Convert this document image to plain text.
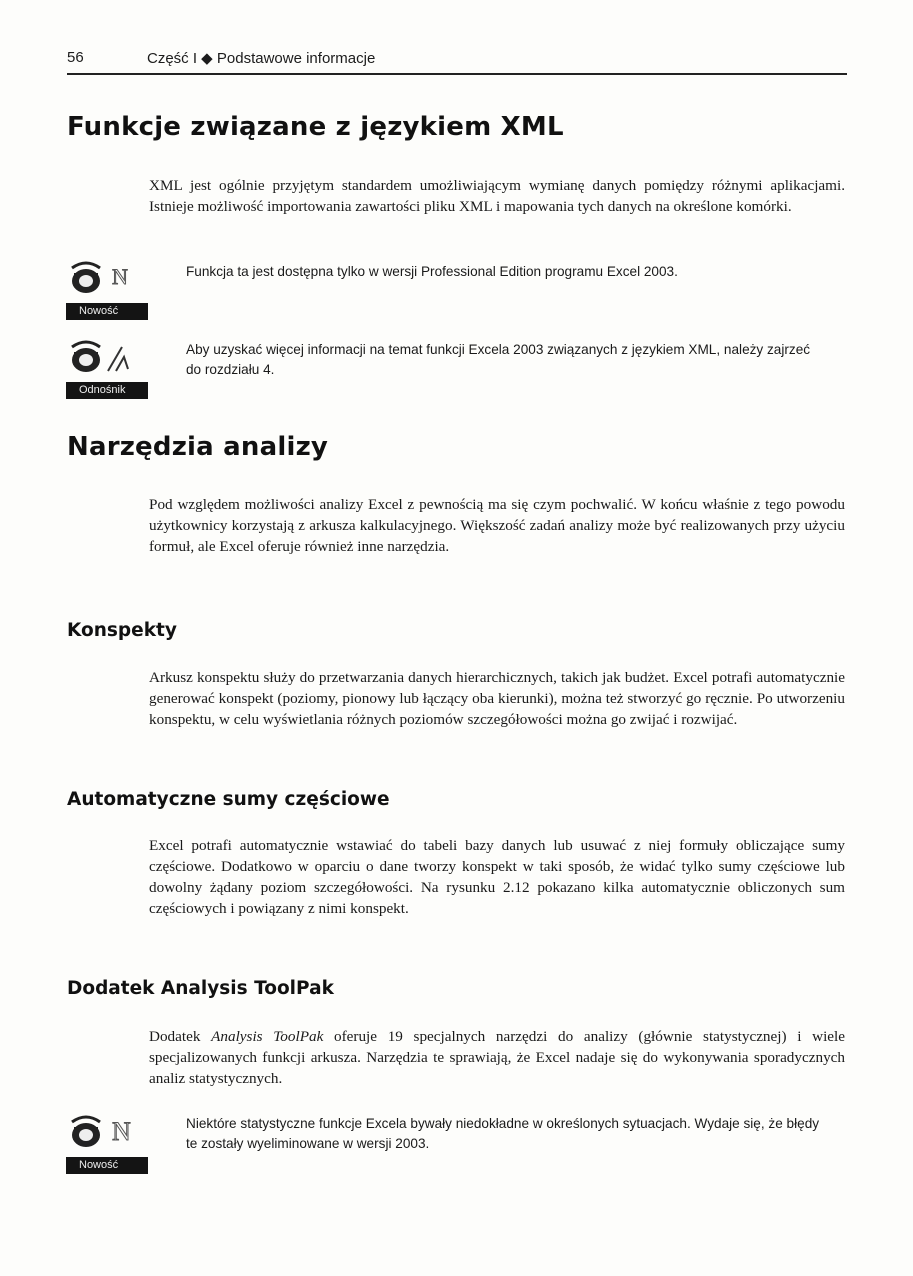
56	Część I ◆ Podstawowe informacje
Funkcje związane z językiem XML

XML jest ogólnie przyjętym standardem umożliwiającym wymianę danych pomiędzy różnymi aplikacjami. Istnieje możliwość importowania zawartości pliku XML i mapowania tych danych na określone komórki.

N
Nowość

Funkcja ta jest dostępna tylko w wersji Professional Edition programu Excel 2003.

Odnośnik

Aby uzyskać więcej informacji na temat funkcji Excela 2003 związanych z językiem XML, należy zajrzeć do rozdziału 4.

Narzędzia analizy

Pod względem możliwości analizy Excel z pewnością ma się czym pochwalić. W końcu właśnie z tego powodu użytkownicy korzystają z arkusza kalkulacyjnego. Większość zadań analizy może być realizowanych przy użyciu formuł, ale Excel oferuje również inne narzędzia.

Konspekty

Arkusz konspektu służy do przetwarzania danych hierarchicznych, takich jak budżet. Excel potrafi automatycznie generować konspekt (poziomy, pionowy lub łączący oba kierunki), można też stworzyć go ręcznie. Po utworzeniu konspektu, w celu wyświetlania różnych poziomów szczegółowości można go zwijać i rozwijać.

Automatyczne sumy częściowe

Excel potrafi automatycznie wstawiać do tabeli bazy danych lub usuwać z niej formuły obliczające sumy częściowe. Dodatkowo w oparciu o dane tworzy konspekt w taki sposób, że widać tylko sumy częściowe lub dowolny żądany poziom szczegółowości. Na rysunku 2.12 pokazano kilka automatycznie obliczonych sum częściowych i powiązany z nimi konspekt.

Dodatek Analysis ToolPak

Dodatek Analysis ToolPak oferuje 19 specjalnych narzędzi do analizy (głównie statystycznej) i wiele specjalizowanych funkcji arkusza. Narzędzia te sprawiają, że Excel nadaje się do wykonywania sporadycznych analiz statystycznych.

N
Nowość

Niektóre statystyczne funkcje Excela bywały niedokładne w określonych sytuacjach. Wydaje się, że błędy te zostały wyeliminowane w wersji 2003.
